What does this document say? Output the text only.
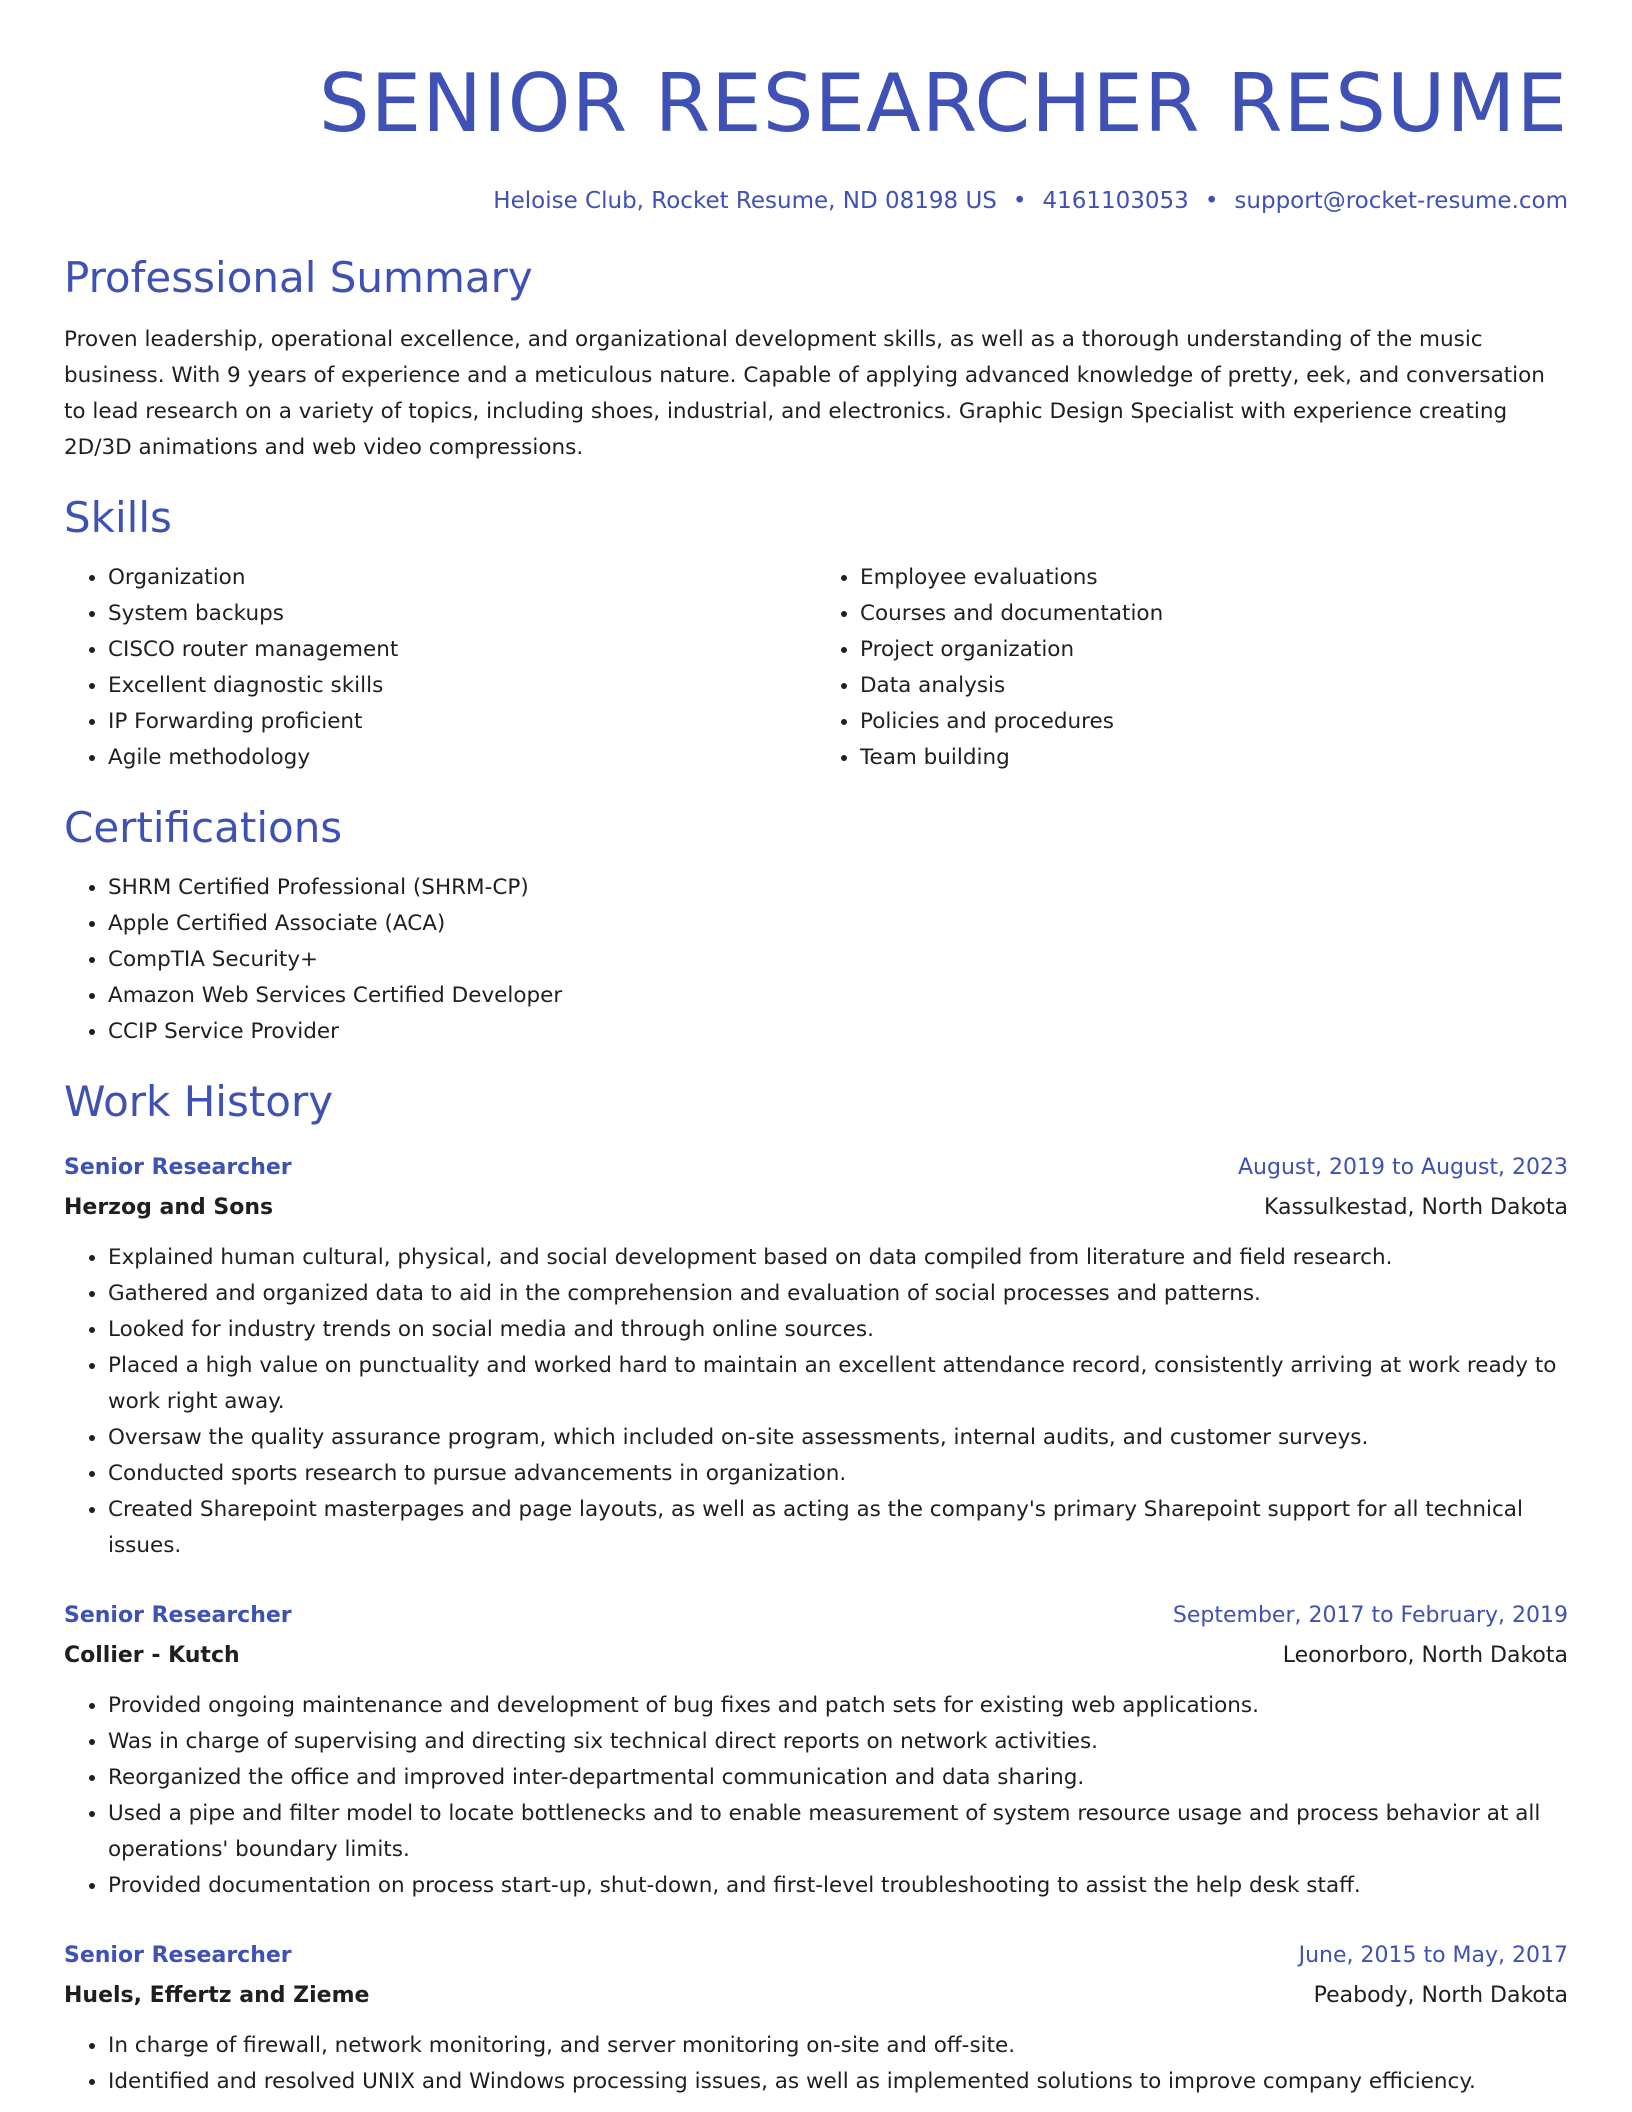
SENIOR RESEARCHER RESUME
Heloise Club, Rocket Resume, ND 08198 US • 4161103053 • support@rocket-resume.com
Professional Summary
Proven leadership, operational excellence, and organizational development skills, as well as a thorough understanding of the music business. With 9 years of experience and a meticulous nature. Capable of applying advanced knowledge of pretty, eek, and conversation to lead research on a variety of topics, including shoes, industrial, and electronics. Graphic Design Specialist with experience creating 2D/3D animations and web video compressions.
Skills
• Organization
• System backups
• CISCO router management
• Excellent diagnostic skills
• IP Forwarding proficient
• Agile methodology
• Employee evaluations
• Courses and documentation
• Project organization
• Data analysis
• Policies and procedures
• Team building
Certifications
• SHRM Certified Professional (SHRM-CP)
• Apple Certified Associate (ACA)
• CompTIA Security+
• Amazon Web Services Certified Developer
• CCIP Service Provider
Work History
Senior Researcher	August, 2019 to August, 2023
Herzog and Sons	Kassulkestad, North Dakota
• Explained human cultural, physical, and social development based on data compiled from literature and field research.
• Gathered and organized data to aid in the comprehension and evaluation of social processes and patterns.
• Looked for industry trends on social media and through online sources.
• Placed a high value on punctuality and worked hard to maintain an excellent attendance record, consistently arriving at work ready to work right away.
• Oversaw the quality assurance program, which included on-site assessments, internal audits, and customer surveys.
• Conducted sports research to pursue advancements in organization.
• Created Sharepoint masterpages and page layouts, as well as acting as the company's primary Sharepoint support for all technical issues.
Senior Researcher	September, 2017 to February, 2019
Collier - Kutch	Leonorboro, North Dakota
• Provided ongoing maintenance and development of bug fixes and patch sets for existing web applications.
• Was in charge of supervising and directing six technical direct reports on network activities.
• Reorganized the office and improved inter-departmental communication and data sharing.
• Used a pipe and filter model to locate bottlenecks and to enable measurement of system resource usage and process behavior at all operations' boundary limits.
• Provided documentation on process start-up, shut-down, and first-level troubleshooting to assist the help desk staff.
Senior Researcher	June, 2015 to May, 2017
Huels, Effertz and Zieme	Peabody, North Dakota
• In charge of firewall, network monitoring, and server monitoring on-site and off-site.
• Identified and resolved UNIX and Windows processing issues, as well as implemented solutions to improve company efficiency.
